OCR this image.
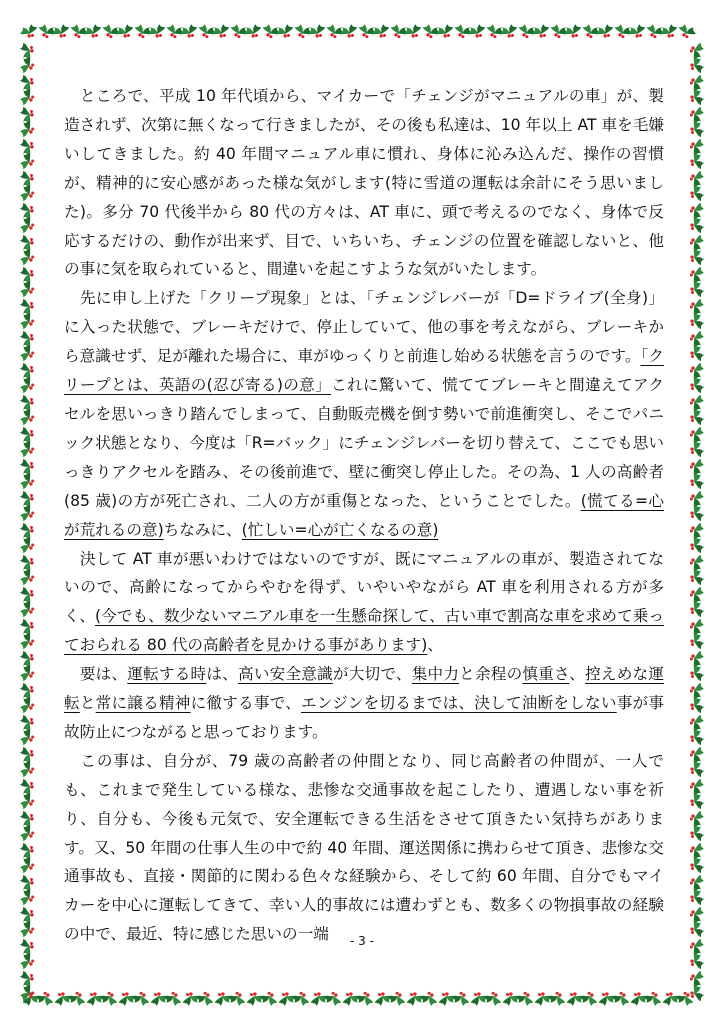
　ところで、平成 10 年代頃から、マイカーで「チェンジがマニュアルの車」が、製造されず、次第に無くなって行きましたが、その後も私達は、10 年以上 AT 車を毛嫌いしてきました。約 40 年間マニュアル車に慣れ、身体に沁み込んだ、操作の習慣が、精神的に安心感があった様な気がします(特に雪道の運転は余計にそう思いました)。多分 70 代後半から 80 代の方々は、AT 車に、頭で考えるのでなく、身体で反応するだけの、動作が出来ず、目で、いちいち、チェンジの位置を確認しないと、他の事に気を取られていると、間違いを起こすような気がいたします。

　先に申し上げた「クリープ現象」とは、「チェンジレバーが「D=ドライブ(全身)」に入った状態で、ブレーキだけで、停止していて、他の事を考えながら、ブレーキから意識せず、足が離れた場合に、車がゆっくりと前進し始める状態を言うのです。「クリープとは、英語の(忍び寄る)の意」これに驚いて、慌ててブレーキと間違えてアクセルを思いっきり踏んでしまって、自動販売機を倒す勢いで前進衝突し、そこでパニック状態となり、今度は「R=バック」にチェンジレバーを切り替えて、ここでも思いっきりアクセルを踏み、その後前進で、壁に衝突し停止した。その為、1 人の高齢者(85 歳)の方が死亡され、二人の方が重傷となった、ということでした。(慌てる=心が荒れるの意)ちなみに、(忙しい=心が亡くなるの意)

　決して AT 車が悪いわけではないのですが、既にマニュアルの車が、製造されてないので、高齢になってからやむを得ず、いやいやながら AT 車を利用される方が多く、(今でも、数少ないマニアル車を一生懸命探して、古い車で割高な車を求めて乗っておられる 80 代の高齢者を見かける事があります)、

　要は、運転する時は、高い安全意識が大切で、集中力と余程の慎重さ、控えめな運転と常に譲る精神に徹する事で、エンジンを切るまでは、決して油断をしない事が事故防止につながると思っております。

　この事は、自分が、79 歳の高齢者の仲間となり、同じ高齢者の仲間が、一人でも、これまで発生している様な、悲惨な交通事故を起こしたり、遭遇しない事を祈り、自分も、今後も元気で、安全運転できる生活をさせて頂きたい気持ちがあります。又、50 年間の仕事人生の中で約 40 年間、運送関係に携わらせて頂き、悲惨な交通事故も、直接・関節的に関わる色々な経験から、そして約 60 年間、自分でもマイカーを中心に運転してきて、幸い人的事故には遭わずとも、数多くの物損事故の経験の中で、最近、特に感じた思いの一端	- 3 -
